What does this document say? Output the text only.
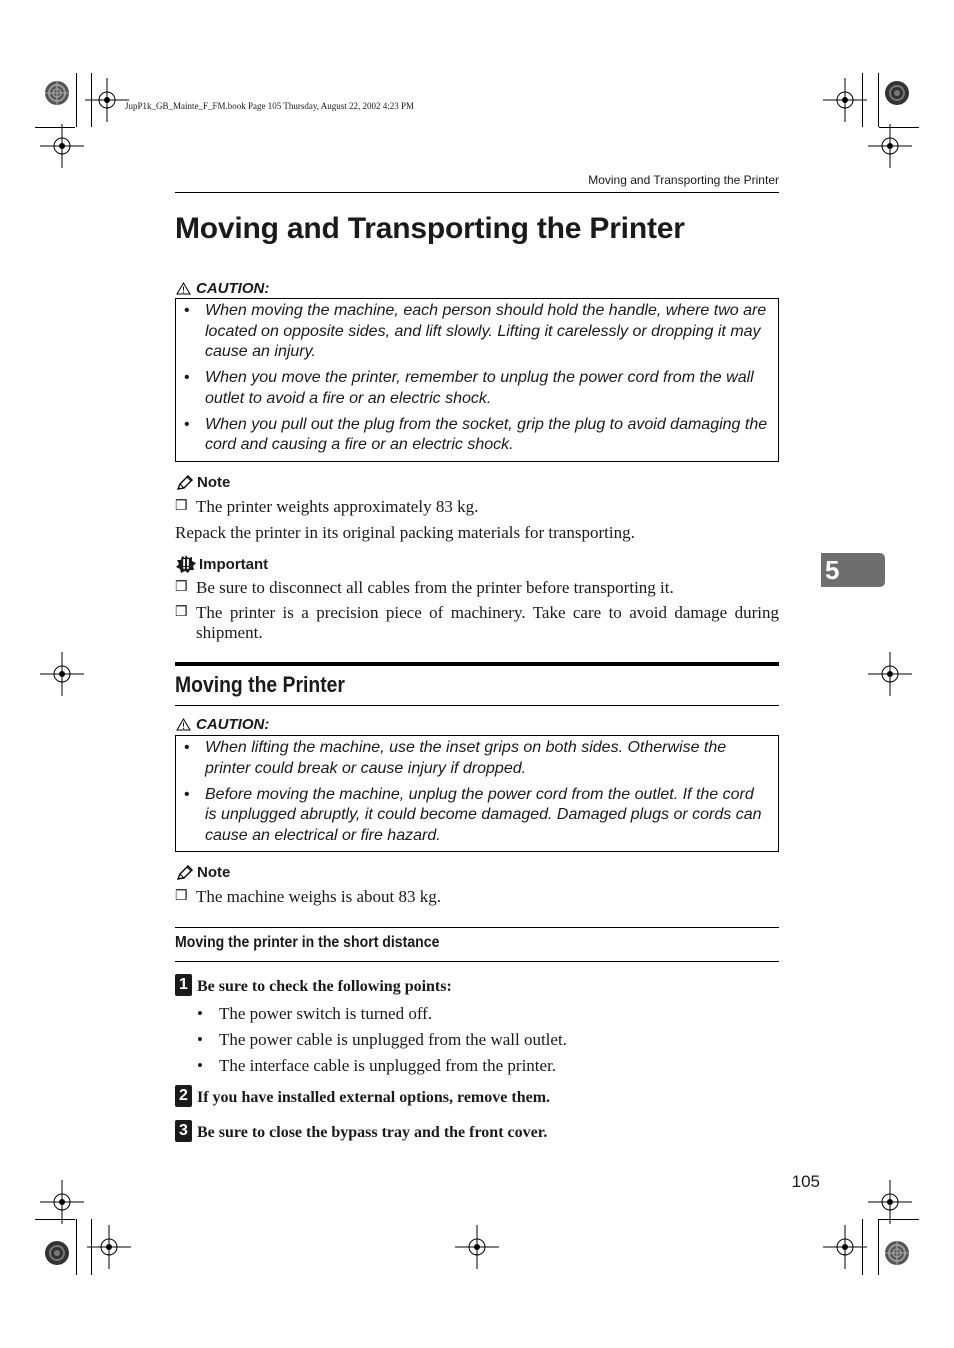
JupP1k_GB_Mainte_F_FM.book Page 105 Thursday, August 22, 2002 4:23 PM
Moving and Transporting the Printer
Moving and Transporting the Printer
CAUTION:
• When moving the machine, each person should hold the handle, where two are located on opposite sides, and lift slowly. Lifting it carelessly or dropping it may cause an injury.
• When you move the printer, remember to unplug the power cord from the wall outlet to avoid a fire or an electric shock.
• When you pull out the plug from the socket, grip the plug to avoid damaging the cord and causing a fire or an electric shock.
Note
❒ The printer weights approximately 83 kg.
Repack the printer in its original packing materials for transporting.
Important
❒ Be sure to disconnect all cables from the printer before transporting it.
❒ The printer is a precision piece of machinery. Take care to avoid damage during shipment.
5
Moving the Printer
CAUTION:
• When lifting the machine, use the inset grips on both sides. Otherwise the printer could break or cause injury if dropped.
• Before moving the machine, unplug the power cord from the outlet. If the cord is unplugged abruptly, it could become damaged. Damaged plugs or cords can cause an electrical or fire hazard.
Note
❒ The machine weighs is about 83 kg.
Moving the printer in the short distance
1 Be sure to check the following points:
• The power switch is turned off.
• The power cable is unplugged from the wall outlet.
• The interface cable is unplugged from the printer.
2 If you have installed external options, remove them.
3 Be sure to close the bypass tray and the front cover.
105
